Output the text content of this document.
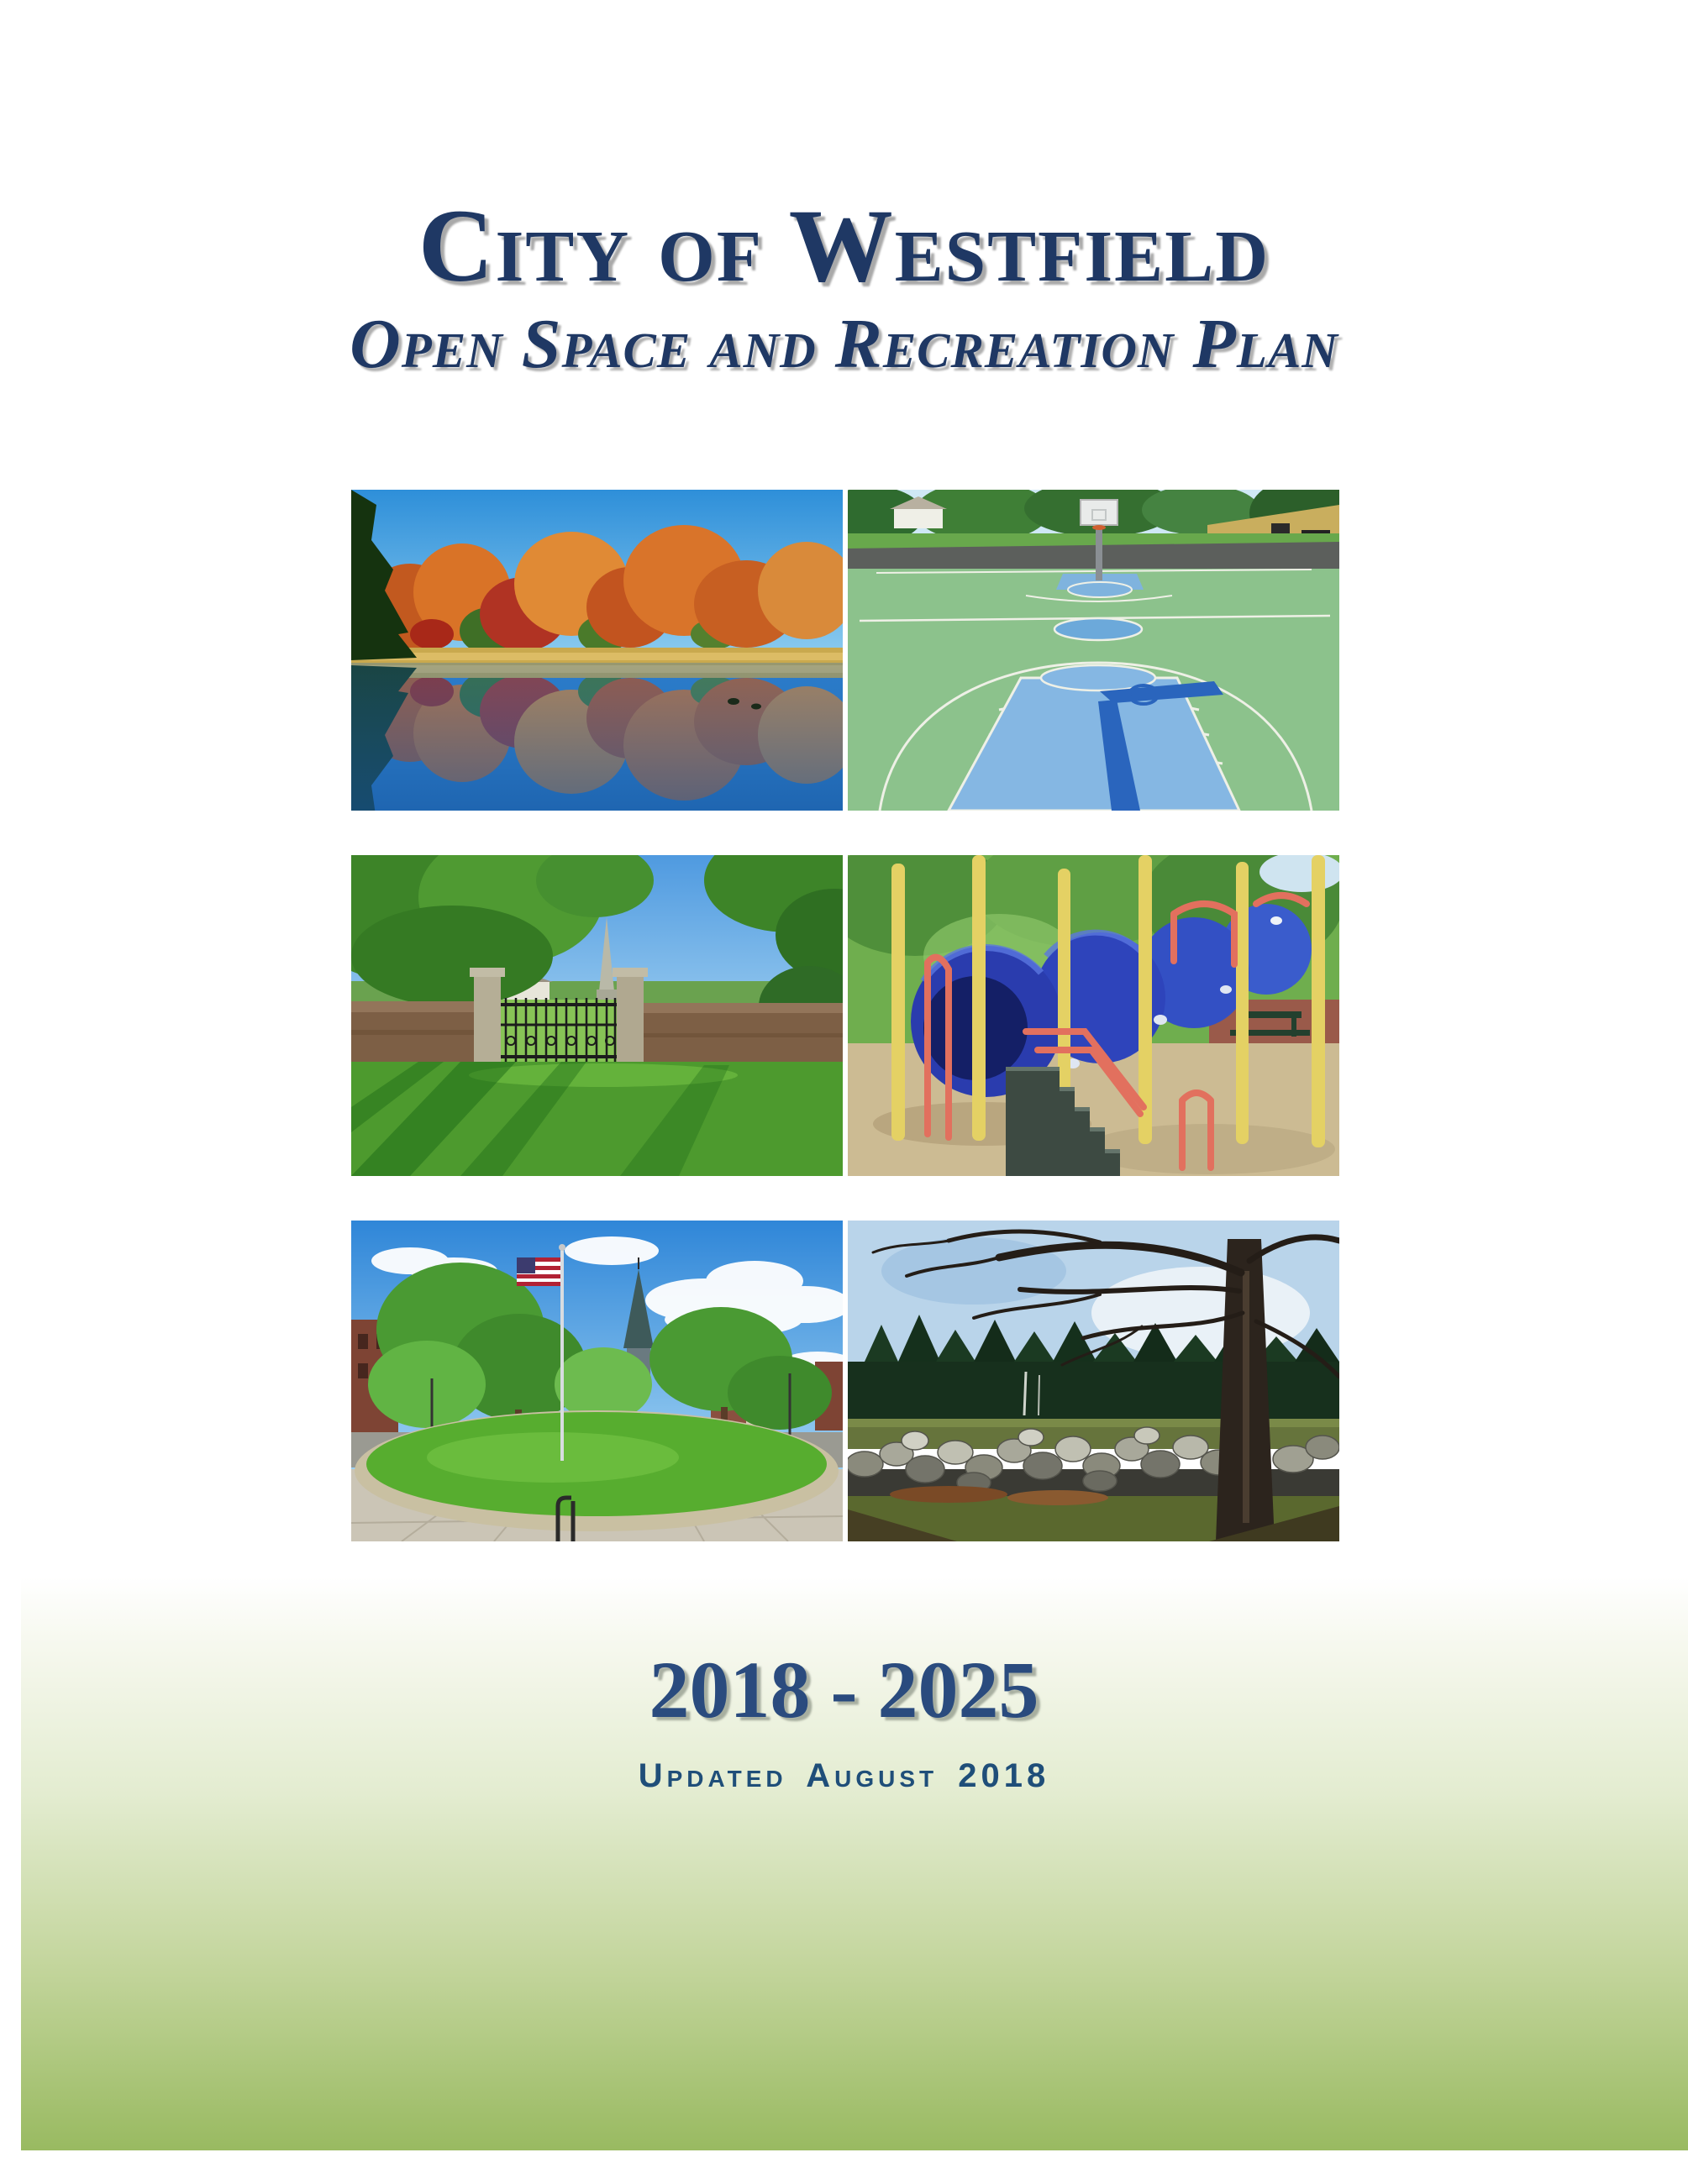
City of Westfield
Open Space and Recreation Plan
2018 - 2025
Updated August 2018
